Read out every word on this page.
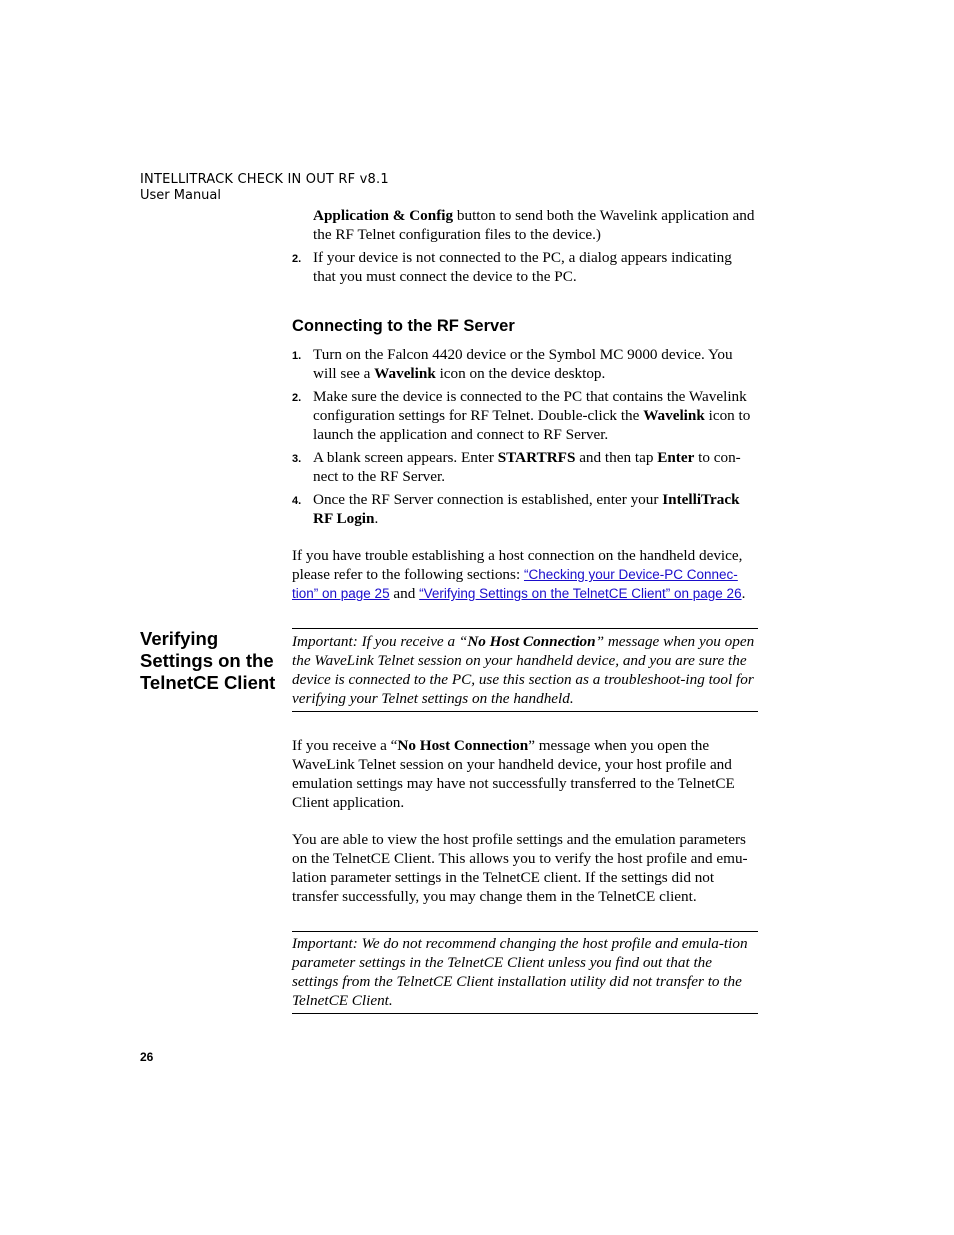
INTELLITRACK CHECK IN OUT RF v8.1
User Manual
Application & Config button to send both the Wavelink application and the RF Telnet configuration files to the device.)
2. If your device is not connected to the PC, a dialog appears indicating that you must connect the device to the PC.
Connecting to the RF Server
1. Turn on the Falcon 4420 device or the Symbol MC 9000 device. You will see a Wavelink icon on the device desktop.
2. Make sure the device is connected to the PC that contains the Wavelink configuration settings for RF Telnet. Double-click the Wavelink icon to launch the application and connect to RF Server.
3. A blank screen appears. Enter STARTRFS and then tap Enter to con-nect to the RF Server.
4. Once the RF Server connection is established, enter your IntelliTrack RF Login.
If you have trouble establishing a host connection on the handheld device, please refer to the following sections: “Checking your Device-PC Connec-tion” on page 25 and “Verifying Settings on the TelnetCE Client” on page 26.
Verifying Settings on the TelnetCE Client
Important: If you receive a “No Host Connection” message when you open the WaveLink Telnet session on your handheld device, and you are sure the device is connected to the PC, use this section as a troubleshoot-ing tool for verifying your Telnet settings on the handheld.
If you receive a “No Host Connection” message when you open the WaveLink Telnet session on your handheld device, your host profile and emulation settings may have not successfully transferred to the TelnetCE Client application.
You are able to view the host profile settings and the emulation parameters on the TelnetCE Client. This allows you to verify the host profile and emu-lation parameter settings in the TelnetCE client. If the settings did not transfer successfully, you may change them in the TelnetCE client.
Important: We do not recommend changing the host profile and emula-tion parameter settings in the TelnetCE Client unless you find out that the settings from the TelnetCE Client installation utility did not transfer to the TelnetCE Client.
26
